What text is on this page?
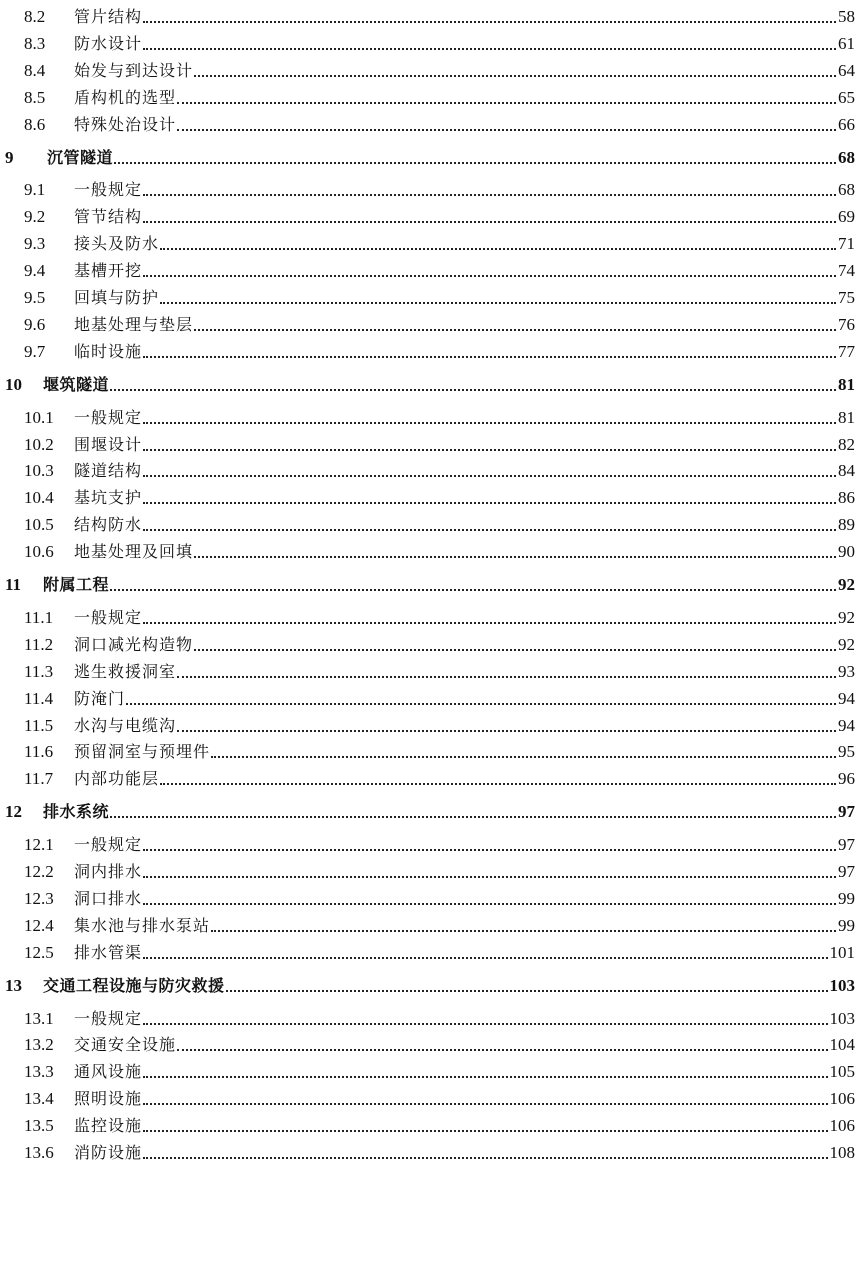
8.2	管片结构	58
8.3	防水设计	61
8.4	始发与到达设计	64
8.5	盾构机的选型	65
8.6	特殊处治设计	66
9	沉管隧道	68
9.1	一般规定	68
9.2	管节结构	69
9.3	接头及防水	71
9.4	基槽开挖	74
9.5	回填与防护	75
9.6	地基处理与垫层	76
9.7	临时设施	77
10	堰筑隧道	81
10.1	一般规定	81
10.2	围堰设计	82
10.3	隧道结构	84
10.4	基坑支护	86
10.5	结构防水	89
10.6	地基处理及回填	90
11	附属工程	92
11.1	一般规定	92
11.2	洞口减光构造物	92
11.3	逃生救援洞室	93
11.4	防淹门	94
11.5	水沟与电缆沟	94
11.6	预留洞室与预埋件	95
11.7	内部功能层	96
12	排水系统	97
12.1	一般规定	97
12.2	洞内排水	97
12.3	洞口排水	99
12.4	集水池与排水泵站	99
12.5	排水管渠	101
13	交通工程设施与防灾救援	103
13.1	一般规定	103
13.2	交通安全设施	104
13.3	通风设施	105
13.4	照明设施	106
13.5	监控设施	106
13.6	消防设施	108
